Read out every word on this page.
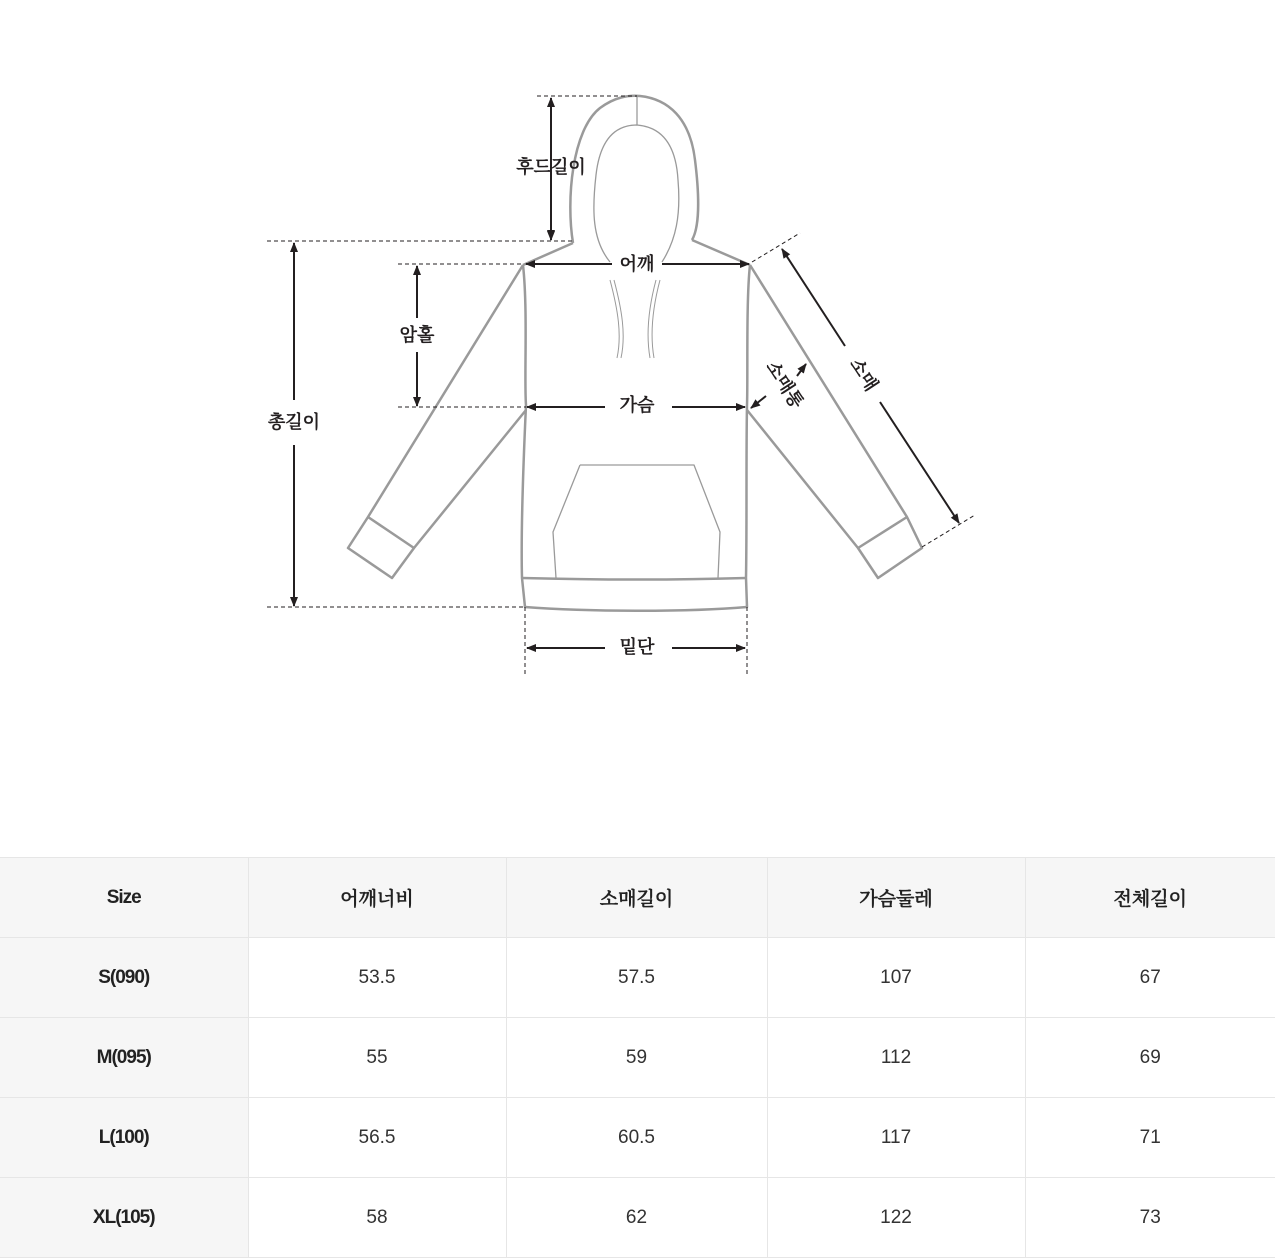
후드길이
총길이
암홀
어깨
가슴
밑단
소매
소매통
Size	어깨너비	소매길이	가슴둘레	전체길이
S(090)	53.5	57.5	107	67
M(095)	55	59	112	69
L(100)	56.5	60.5	117	71
XL(105)	58	62	122	73
